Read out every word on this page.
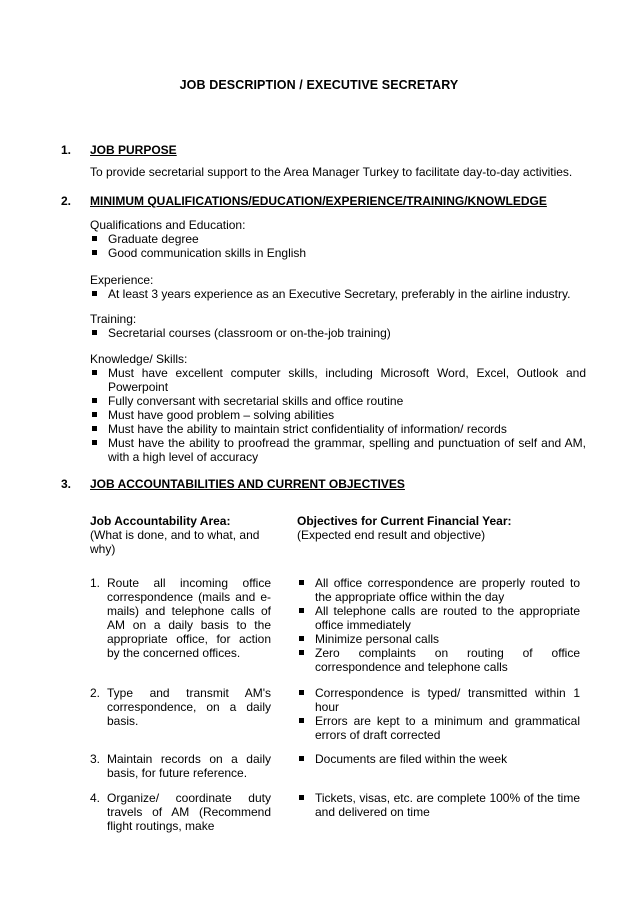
JOB DESCRIPTION / EXECUTIVE SECRETARY
1. JOB PURPOSE
To provide secretarial support to the Area Manager Turkey to facilitate day-to-day activities.
2. MINIMUM QUALIFICATIONS/EDUCATION/EXPERIENCE/TRAINING/KNOWLEDGE
Qualifications and Education:
Graduate degree
Good communication skills in English
Experience:
At least 3 years experience as an Executive Secretary, preferably in the airline industry.
Training:
Secretarial courses (classroom or on-the-job training)
Knowledge/ Skills:
Must have excellent computer skills, including Microsoft Word, Excel, Outlook and Powerpoint
Fully conversant with secretarial skills and office routine
Must have good problem – solving abilities
Must have the ability to maintain strict confidentiality of information/ records
Must have the ability to proofread the grammar, spelling and punctuation of self and AM, with a high level of accuracy
3. JOB ACCOUNTABILITIES AND CURRENT OBJECTIVES
Job Accountability Area:
(What is done, and to what, and why)
Objectives for Current Financial Year:
(Expected end result and objective)
1. Route all incoming office correspondence (mails and e-mails) and telephone calls of AM on a daily basis to the appropriate office, for action by the concerned offices.
All office correspondence are properly routed to the appropriate office within the day
All telephone calls are routed to the appropriate office immediately
Minimize personal calls
Zero complaints on routing of office correspondence and telephone calls
2. Type and transmit AM's correspondence, on a daily basis.
Correspondence is typed/ transmitted within 1 hour
Errors are kept to a minimum and grammatical errors of draft corrected
3. Maintain records on a daily basis, for future reference.
Documents are filed within the week
4. Organize/ coordinate duty travels of AM (Recommend flight routings, make
Tickets, visas, etc. are complete 100% of the time and delivered on time
